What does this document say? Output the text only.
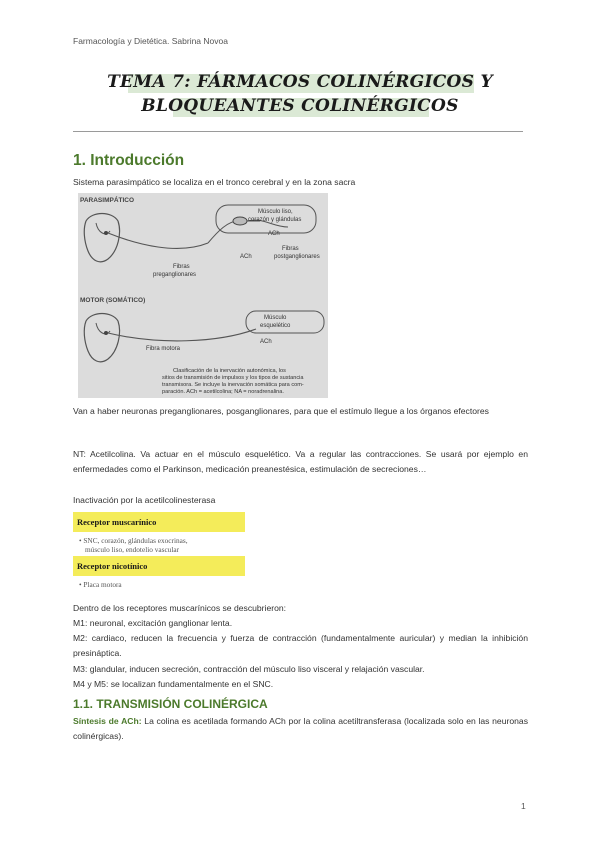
Farmacología y Dietética. Sabrina Novoa
TEMA 7: FÁRMACOS COLINÉRGICOS Y
BLOQUEANTES COLINÉRGICOS
1. Introducción
Sistema parasimpático se localiza en el tronco cerebral y en la zona sacra
PARASIMPÁTICO
Músculo liso,
corazón y glándulas
ACh
ACh
Fibras
postganglionares
Fibras
preganglionares
MOTOR (SOMÁTICO)
Músculo
esquelético
ACh
Fibra motora
Clasificación de la inervación autonómica, los
sitios de transmisión de impulsos y los tipos de sustancia
transmisora. Se incluye la inervación somática para com-
paración. ACh = acetilcolina; NA = noradrenalina.
Van a haber neuronas preganglionares, posganglionares, para que el estímulo llegue a los órganos efectores
NT: Acetilcolina. Va actuar en el músculo esquelético. Va a regular las contracciones. Se usará por ejemplo en enfermedades como el Parkinson, medicación preanestésica, estimulación de secreciones…
Inactivación por la acetilcolinesterasa
Receptor muscarínico
• SNC, corazón, glándulas exocrinas,
músculo liso, endotelio vascular
Receptor nicotínico
• Placa motora
Dentro de los receptores muscarínicos se descubrieron:
M1: neuronal, excitación ganglionar lenta.
M2: cardiaco, reducen la frecuencia y fuerza de contracción (fundamentalmente auricular) y median la inhibición presináptica.
M3: glandular, inducen secreción, contracción del músculo liso visceral y relajación vascular.
M4 y M5: se localizan fundamentalmente en el SNC.
1.1. TRANSMISIÓN COLINÉRGICA
Síntesis de ACh: La colina es acetilada formando ACh por la colina acetiltransferasa (localizada solo en las neuronas colinérgicas).
1
